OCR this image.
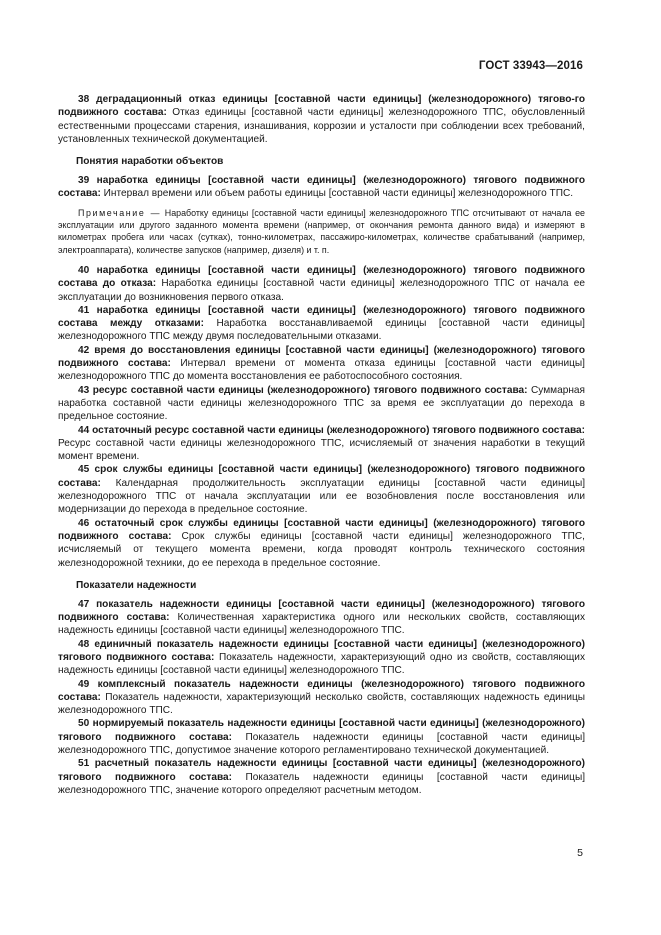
ГОСТ 33943—2016

38 деградационный отказ единицы [составной части единицы] (железнодорожного) тягово-го подвижного состава: Отказ единицы [составной части единицы] железнодорожного ТПС, обусловленный естественными процессами старения, изнашивания, коррозии и усталости при соблюдении всех требований, установленных технической документацией.

Понятия наработки объектов

39 наработка единицы [составной части единицы] (железнодорожного) тягового подвижного состава: Интервал времени или объем работы единицы [составной части единицы] железнодорожного ТПС.

Примечание — Наработку единицы [составной части единицы] железнодорожного ТПС отсчитывают от начала ее эксплуатации или другого заданного момента времени (например, от окончания ремонта данного вида) и измеряют в километрах пробега или часах (сутках), тонно-километрах, пассажиро-километрах, количестве срабатываний (например, электроаппарата), количестве запусков (например, дизеля) и т. п.

40 наработка единицы [составной части единицы] (железнодорожного) тягового подвижного состава до отказа: Наработка единицы [составной части единицы] железнодорожного ТПС от начала ее эксплуатации до возникновения первого отказа.

41 наработка единицы [составной части единицы] (железнодорожного) тягового подвижного состава между отказами: Наработка восстанавливаемой единицы [составной части единицы] железнодорожного ТПС между двумя последовательными отказами.

42 время до восстановления единицы [составной части единицы] (железнодорожного) тягового подвижного состава: Интервал времени от момента отказа единицы [составной части единицы] железнодорожного ТПС до момента восстановления ее работоспособного состояния.

43 ресурс составной части единицы (железнодорожного) тягового подвижного состава: Суммарная наработка составной части единицы железнодорожного ТПС за время ее эксплуатации до перехода в предельное состояние.

44 остаточный ресурс составной части единицы (железнодорожного) тягового подвижного состава: Ресурс составной части единицы железнодорожного ТПС, исчисляемый от значения наработки в текущий момент времени.

45 срок службы единицы [составной части единицы] (железнодорожного) тягового подвижного состава: Календарная продолжительность эксплуатации единицы [составной части единицы] железнодорожного ТПС от начала эксплуатации или ее возобновления после восстановления или модернизации до перехода в предельное состояние.

46 остаточный срок службы единицы [составной части единицы] (железнодорожного) тягового подвижного состава: Срок службы единицы [составной части единицы] железнодорожного ТПС, исчисляемый от текущего момента времени, когда проводят контроль технического состояния железнодорожной техники, до ее перехода в предельное состояние.

Показатели надежности

47 показатель надежности единицы [составной части единицы] (железнодорожного) тягового подвижного состава: Количественная характеристика одного или нескольких свойств, составляющих надежность единицы [составной части единицы] железнодорожного ТПС.

48 единичный показатель надежности единицы [составной части единицы] (железнодорожного) тягового подвижного состава: Показатель надежности, характеризующий одно из свойств, составляющих надежность единицы [составной части единицы] железнодорожного ТПС.

49 комплексный показатель надежности единицы (железнодорожного) тягового подвижного состава: Показатель надежности, характеризующий несколько свойств, составляющих надежность единицы железнодорожного ТПС.

50 нормируемый показатель надежности единицы [составной части единицы] (железнодорожного) тягового подвижного состава: Показатель надежности единицы [составной части единицы] железнодорожного ТПС, допустимое значение которого регламентировано технической документацией.

51 расчетный показатель надежности единицы [составной части единицы] (железнодорожного) тягового подвижного состава: Показатель надежности единицы [составной части единицы] железнодорожного ТПС, значение которого определяют расчетным методом.

5
